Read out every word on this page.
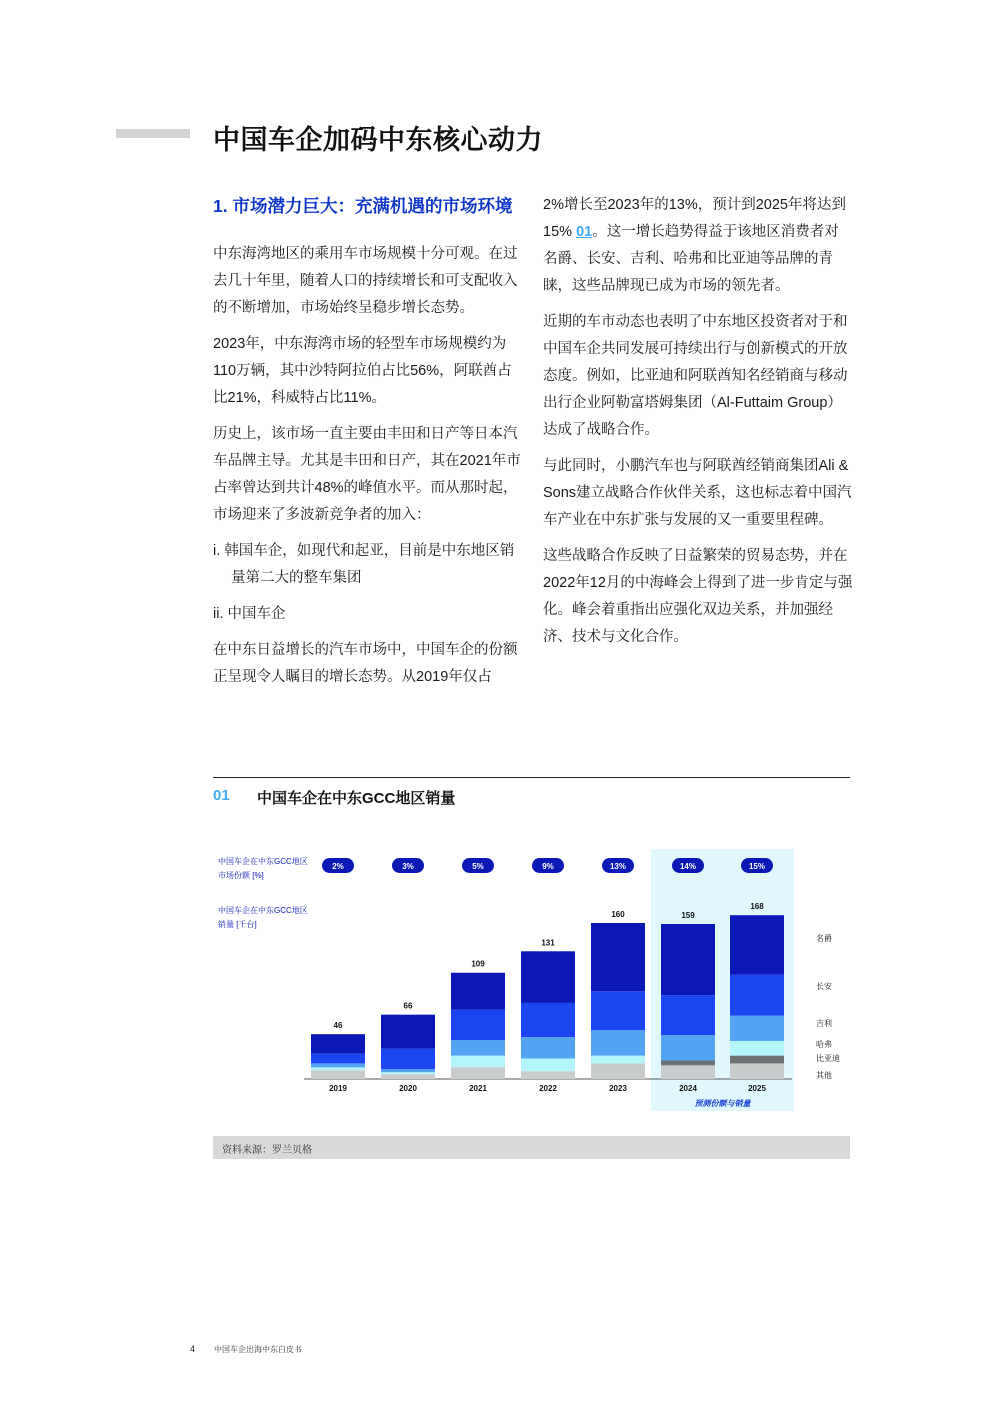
中国车企加码中东核心动力
1. 市场潜力巨大：充满机遇的市场环境

中东海湾地区的乘用车市场规模十分可观。在过去几十年里，随着人口的持续增长和可支配收入的不断增加，市场始终呈稳步增长态势。

2023年，中东海湾市场的轻型车市场规模约为110万辆，其中沙特阿拉伯占比56%，阿联酋占比21%，科威特占比11%。

历史上，该市场一直主要由丰田和日产等日本汽车品牌主导。尤其是丰田和日产，其在2021年市占率曾达到共计48%的峰值水平。而从那时起，市场迎来了多波新竞争者的加入：

i. 韩国车企，如现代和起亚，目前是中东地区销量第二大的整车集团

ii. 中国车企

在中东日益增长的汽车市场中，中国车企的份额正呈现令人瞩目的增长态势。从2019年仅占

2%增长至2023年的13%，预计到2025年将达到15% 01。这一增长趋势得益于该地区消费者对名爵、长安、吉利、哈弗和比亚迪等品牌的青睐，这些品牌现已成为市场的领先者。

近期的车市动态也表明了中东地区投资者对于和中国车企共同发展可持续出行与创新模式的开放态度。例如，比亚迪和阿联酋知名经销商与移动出行企业阿勒富塔姆集团（Al-Futtaim Group）达成了战略合作。

与此同时，小鹏汽车也与阿联酋经销商集团Ali & Sons建立战略合作伙伴关系，这也标志着中国汽车产业在中东扩张与发展的又一重要里程碑。

这些战略合作反映了日益繁荣的贸易态势，并在2022年12月的中海峰会上得到了进一步肯定与强化。峰会着重指出应强化双边关系，并加强经济、技术与文化合作。

01 中国车企在中东GCC地区销量
中国车企在中东GCC地区
市场份额 [%]
中国车企在中东GCC地区
销量 [千台]
2%
46
2019
3%
66
2020
5%
109
2021
9%
131
2022
13%
160
2023
14%
159
2024
15%
168
2025
预测份额与销量
其他
比亚迪
哈弗
吉利
长安
名爵
资料来源：罗兰贝格
4 中国车企出海中东白皮书
